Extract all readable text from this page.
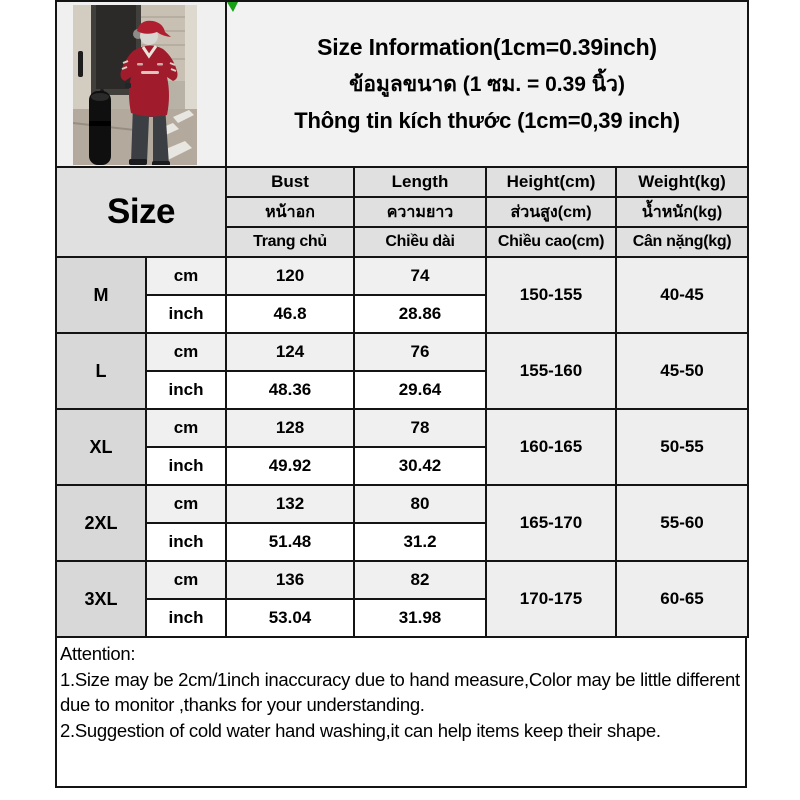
Size Information(1cm=0.39inch)
ข้อมูลขนาด (1 ซม. = 0.39 นิ้ว)
Thông tin kích thước (1cm=0,39 inch)			

Size		Bust	Length	Height(cm)	Weight(kg)
		หน้าอก	ความยาว	ส่วนสูง(cm)	น้ำหนัก(kg)
		Trang chủ	Chiều dài	Chiều cao(cm)	Cân nặng(kg)
M	cm	120	74	150-155	40-45
	inch	46.8	28.86		
L	cm	124	76	155-160	45-50
	inch	48.36	29.64		
XL	cm	128	78	160-165	50-55
	inch	49.92	30.42		
2XL	cm	132	80	165-170	55-60
	inch	51.48	31.2		
3XL	cm	136	82	170-175	60-65
	inch	53.04	31.98		

Attention:

1.Size may be 2cm/1inch inaccuracy due to hand measure,Color may be little different due to monitor ,thanks for your understanding.

2.Suggestion of cold water hand washing,it can help items keep their shape.
